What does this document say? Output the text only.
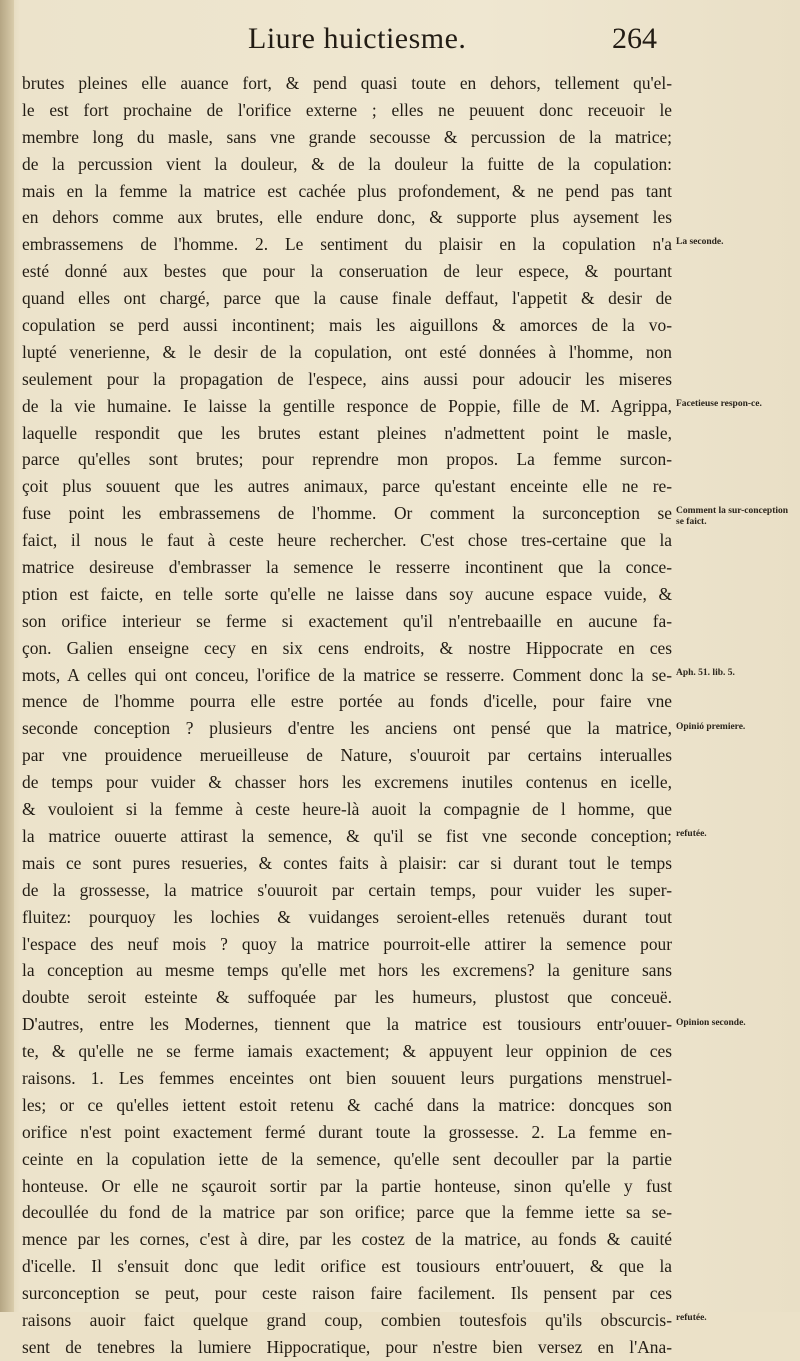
Liure huictiesme.	264
brutes pleines elle auance fort, & pend quasi toute en dehors, tellement qu'el-
le est fort prochaine de l'orifice externe ; elles ne peuuent donc receuoir le
membre long du masle, sans vne grande secousse & percussion de la matrice;
de la percussion vient la douleur, & de la douleur la fuitte de la copulation:
mais en la femme la matrice est cachée plus profondement, & ne pend pas tant
en dehors comme aux brutes, elle endure donc, & supporte plus aysement les
embrassemens de l'homme. 2. Le sentiment du plaisir en la copulation n'a
esté donné aux bestes que pour la conseruation de leur espece, & pourtant
quand elles ont chargé, parce que la cause finale deffaut, l'appetit & desir de
copulation se perd aussi incontinent; mais les aiguillons & amorces de la vo-
lupté venerienne, & le desir de la copulation, ont esté données à l'homme, non
seulement pour la propagation de l'espece, ains aussi pour adoucir les miseres
de la vie humaine. Ie laisse la gentille responce de Poppie, fille de M. Agrippa,
laquelle respondit que les brutes estant pleines n'admettent point le masle,
parce qu'elles sont brutes; pour reprendre mon propos. La femme surcon-
çoit plus souuent que les autres animaux, parce qu'estant enceinte elle ne re-
fuse point les embrassemens de l'homme. Or comment la surconception se
faict, il nous le faut à ceste heure rechercher. C'est chose tres-certaine que la
matrice desireuse d'embrasser la semence le resserre incontinent que la conce-
ption est faicte, en telle sorte qu'elle ne laisse dans soy aucune espace vuide, &
son orifice interieur se ferme si exactement qu'il n'entrebaaille en aucune fa-
çon. Galien enseigne cecy en six cens endroits, & nostre Hippocrate en ces
mots, A celles qui ont conceu, l'orifice de la matrice se resserre. Comment donc la se-
mence de l'homme pourra elle estre portée au fonds d'icelle, pour faire vne
seconde conception ? plusieurs d'entre les anciens ont pensé que la matrice,
par vne prouidence merueilleuse de Nature, s'ouuroit par certains interualles
de temps pour vuider & chasser hors les excremens inutiles contenus en icelle,
& vouloient si la femme à ceste heure-là auoit la compagnie de l homme, que
la matrice ouuerte attirast la semence, & qu'il se fist vne seconde conception;
mais ce sont pures resueries, & contes faits à plaisir: car si durant tout le temps
de la grossesse, la matrice s'ouuroit par certain temps, pour vuider les super-
fluitez: pourquoy les lochies & vuidanges seroient-elles retenuës durant tout
l'espace des neuf mois ? quoy la matrice pourroit-elle attirer la semence pour
la conception au mesme temps qu'elle met hors les excremens? la geniture sans
doubte seroit esteinte & suffoquée par les humeurs, plustost que conceuë.
D'autres, entre les Modernes, tiennent que la matrice est tousiours entr'ouuer-
te, & qu'elle ne se ferme iamais exactement; & appuyent leur oppinion de ces
raisons. 1. Les femmes enceintes ont bien souuent leurs purgations menstruel-
les; or ce qu'elles iettent estoit retenu & caché dans la matrice: doncques son
orifice n'est point exactement fermé durant toute la grossesse. 2. La femme en-
ceinte en la copulation iette de la semence, qu'elle sent decouller par la partie
honteuse. Or elle ne sçauroit sortir par la partie honteuse, sinon qu'elle y fust
decoullée du fond de la matrice par son orifice; parce que la femme iette sa se-
mence par les cornes, c'est à dire, par les costez de la matrice, au fonds & cauité
d'icelle. Il s'ensuit donc que ledit orifice est tousiours entr'ouuert, & que la
surconception se peut, pour ceste raison faire facilement. Ils pensent par ces
raisons auoir faict quelque grand coup, combien toutesfois qu'ils obscurcis-
sent de tenebres la lumiere Hippocratique, pour n'estre bien versez en l'Ana-
La seconde.
Facetieuse respon-ce.
Comment la sur-conception se faict.
Aph. 51. lib. 5.
Opinió premiere.
refutée.
Opinion seconde.
refutée.
